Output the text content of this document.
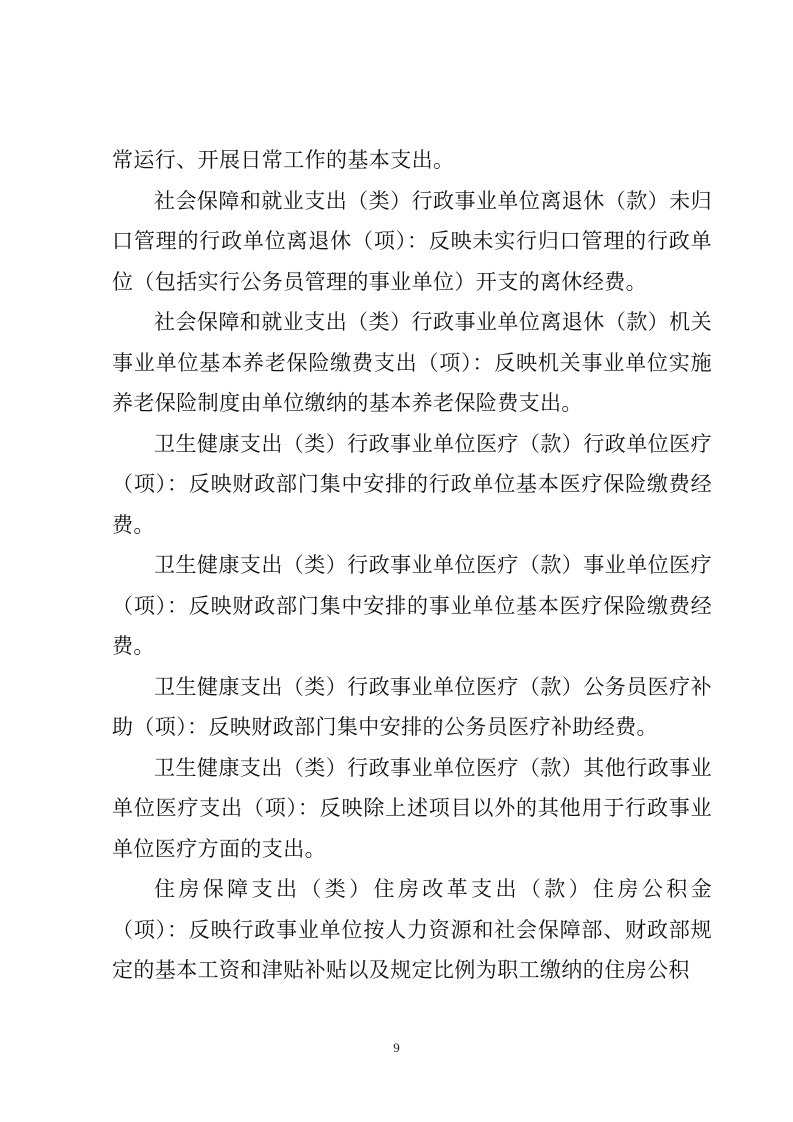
常运行、开展日常工作的基本支出。

社会保障和就业支出（类）行政事业单位离退休（款）未归口管理的行政单位离退休（项）：反映未实行归口管理的行政单位（包括实行公务员管理的事业单位）开支的离休经费。

社会保障和就业支出（类）行政事业单位离退休（款）机关事业单位基本养老保险缴费支出（项）：反映机关事业单位实施养老保险制度由单位缴纳的基本养老保险费支出。

卫生健康支出（类）行政事业单位医疗（款）行政单位医疗（项）：反映财政部门集中安排的行政单位基本医疗保险缴费经费。

卫生健康支出（类）行政事业单位医疗（款）事业单位医疗（项）：反映财政部门集中安排的事业单位基本医疗保险缴费经费。

卫生健康支出（类）行政事业单位医疗（款）公务员医疗补助（项）：反映财政部门集中安排的公务员医疗补助经费。

卫生健康支出（类）行政事业单位医疗（款）其他行政事业单位医疗支出（项）：反映除上述项目以外的其他用于行政事业单位医疗方面的支出。

住房保障支出（类）住房改革支出（款）住房公积金（项）：反映行政事业单位按人力资源和社会保障部、财政部规定的基本工资和津贴补贴以及规定比例为职工缴纳的住房公积

9
